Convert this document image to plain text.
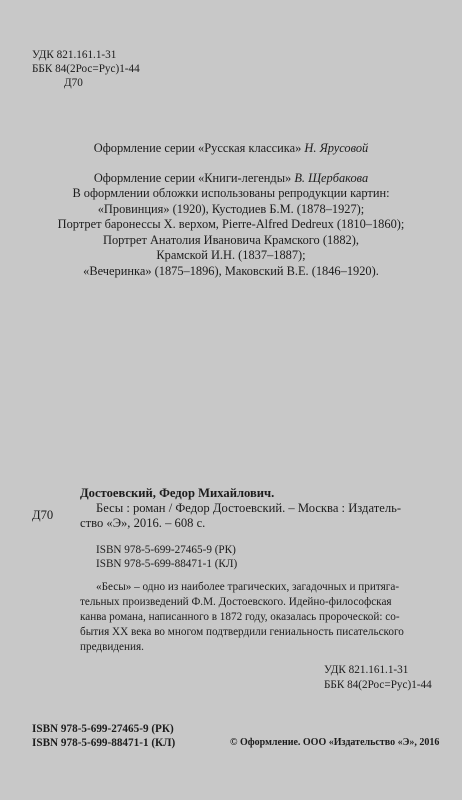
УДК 821.161.1-31
ББК 84(2Рос=Рус)1-44
Д70
Оформление серии «Русская классика» Н. Ярусовой
Оформление серии «Книги-легенды» В. Щербакова
В оформлении обложки использованы репродукции картин:
«Провинция» (1920), Кустодиев Б.М. (1878–1927);
Портрет баронессы Х. верхом, Pierre-Alfred Dedreux (1810–1860);
Портрет Анатолия Ивановича Крамского (1882),
Крамской И.Н. (1837–1887);
«Вечеринка» (1875–1896), Маковский В.Е. (1846–1920).
Д70
Достоевский, Федор Михайлович.
Бесы : роман / Федор Достоевский. – Москва : Издатель-
ство «Э», 2016. – 608 с.
ISBN 978-5-699-27465-9 (РК)
ISBN 978-5-699-88471-1 (КЛ)
«Бесы» – одно из наиболее трагических, загадочных и притяга-
тельных произведений Ф.М. Достоевского. Идейно-философская
канва романа, написанного в 1872 году, оказалась пророческой: со-
бытия XX века во многом подтвердили гениальность писательского
предвидения.
УДК 821.161.1-31
ББК 84(2Рос=Рус)1-44
ISBN 978-5-699-27465-9 (РК)
ISBN 978-5-699-88471-1 (КЛ)	© Оформление. ООО «Издательство «Э», 2016
